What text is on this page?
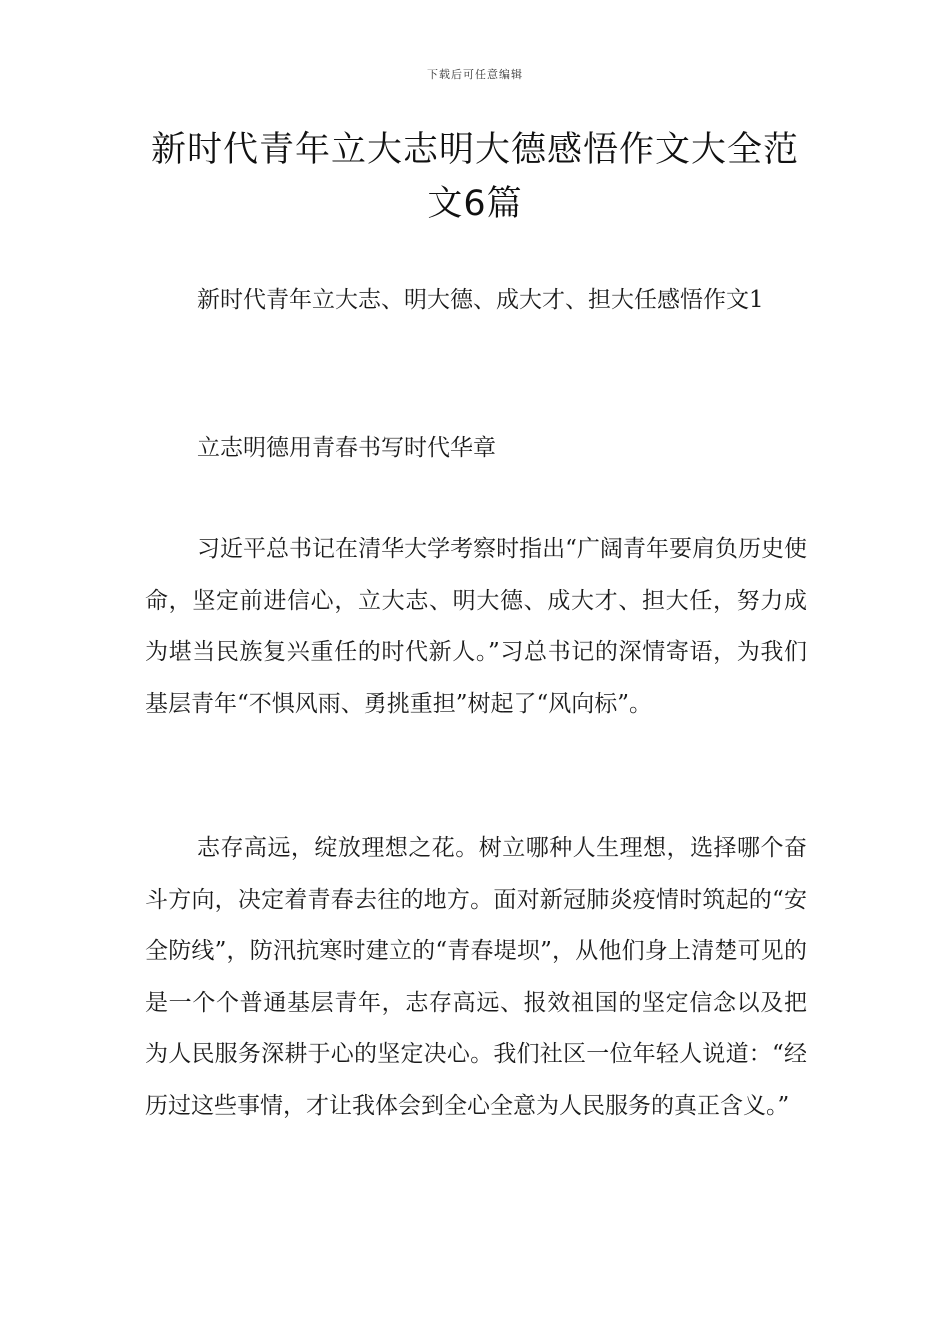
下载后可任意编辑
新时代青年立大志明大德感悟作文大全范文6篇

新时代青年立大志、明大德、成大才、担大任感悟作文1

立志明德用青春书写时代华章

习近平总书记在清华大学考察时指出“广阔青年要肩负历史使命，坚定前进信心，立大志、明大德、成大才、担大任，努力成为堪当民族复兴重任的时代新人。”习总书记的深情寄语，为我们基层青年“不惧风雨、勇挑重担”树起了“风向标”。

志存高远，绽放理想之花。树立哪种人生理想，选择哪个奋斗方向，决定着青春去往的地方。面对新冠肺炎疫情时筑起的“安全防线”，防汛抗寒时建立的“青春堤坝”，从他们身上清楚可见的是一个个普通基层青年，志存高远、报效祖国的坚定信念以及把为人民服务深耕于心的坚定决心。我们社区一位年轻人说道：“经历过这些事情，才让我体会到全心全意为人民服务的真正含义。”
